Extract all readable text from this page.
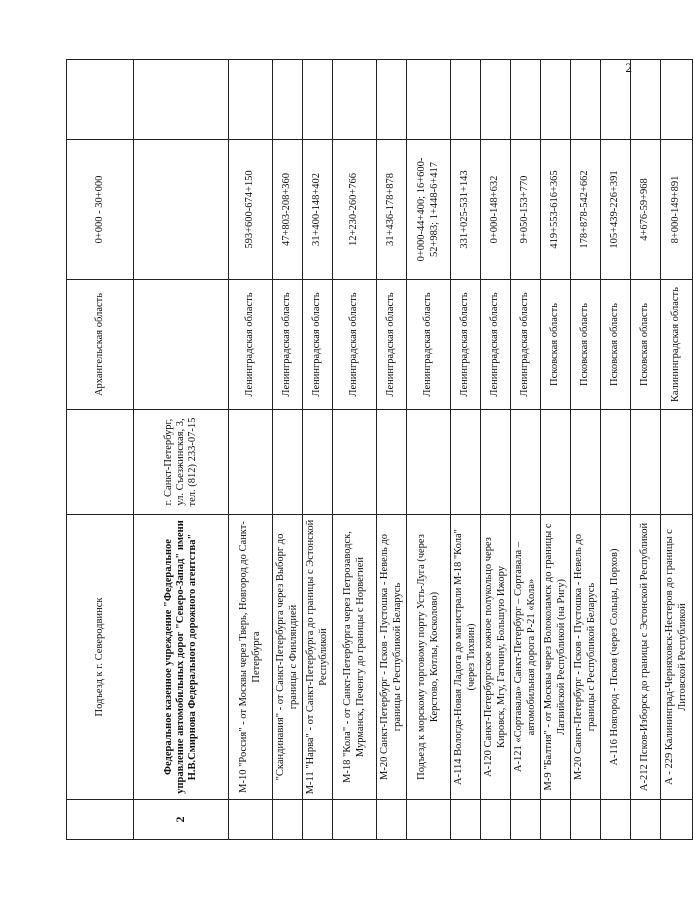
2
	Подъезд к г. Северодвинск		Архангельская область	0+000 - 30+000	
2	Федеральное казенное учреждение "Федеральное управление автомобильных дорог "Северо-Запад" имени Н.В.Смирнова Федерального дорожного агентства"	г. Санкт-Петербург, ул. Съезжинская, 3, тел. (812) 233-07-15			
	М-10 "Россия" - от Москвы через Тверь, Новгород до Санкт-Петербурга		Ленинградская область	593+600-674+150	
	"Скандинавия" - от Санкт-Петербурга через Выборг до границы с Финляндией		Ленинградская область	47+803-208+360	
	М-11 "Нарва" - от Санкт-Петербурга до границы с Эстонской Республикой		Ленинградская область	31+400-148+402	
	М-18 "Кола" - от Санкт-Петербурга через Петрозаводск, Мурманск, Печенгу до границы с Норвегией		Ленинградская область	12+230-260+766	
	М-20 Санкт-Петербург - Псков - Пустошка - Невель до границы с Республикой Беларусь		Ленинградская область	31+436-178+878	
	Подъезд к морскому торговому порту Усть-Луга (через Керстово, Котлы, Косколово)		Ленинградская область	0+000-44+400; 16+600-52+983; 1+448-6+417	
	А-114 Вологда-Новая Ладога до магистрали М-18 "Кола" (через Тихвин)		Ленинградская область	331+025-531+143	
	А-120 Санкт-Петербургское южное полукольцо через Кировск, Мгу, Гатчину, Большую Ижору		Ленинградская область	0+000-148+632	
	А-121 «Сортавала» Санкт-Петербург – Сортавала – автомобильная дорога Р-21 «Кола»		Ленинградская область	9+050-153+770	
	М-9 "Балтия" - от Москвы через Волоколамск до границы с Латвийской Республикой (на Ригу)		Псковская область	419+553-616+365	
	М-20 Санкт-Петербург - Псков - Пустошка - Невель до границы с Республикой Беларусь		Псковская область	178+878-542+662	
	А-116 Новгород - Псков (через Сольцы, Порхов)		Псковская область	105+439-226+391	
	А-212 Псков-Изборск до границы с Эстонской Республикой		Псковская область	4+676-59+968	
	А - 229 Калининград-Черняховск-Нестеров до границы с Литовской Республикой		Калининградская область	8+000-149+891	
